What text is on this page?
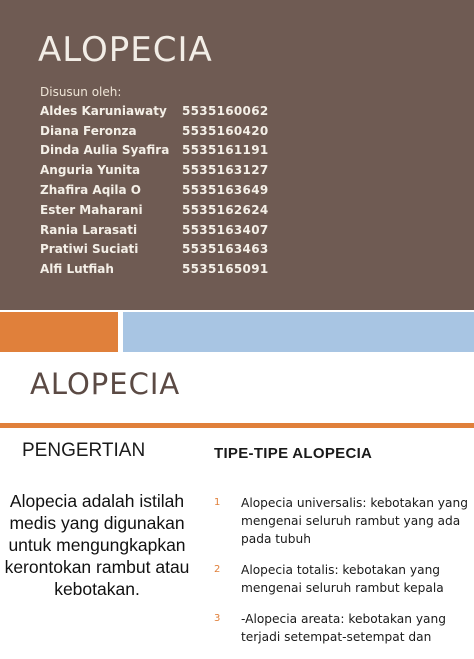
ALOPECIA
Disusun oleh:
Aldes Karuniawaty	5535160062
Diana Feronza	5535160420
Dinda Aulia Syafira	5535161191
Anguria Yunita	5535163127
Zhafira Aqila O	5535163649
Ester Maharani	5535162624
Rania Larasati	5535163407
Pratiwi Suciati	5535163463
Alfi Lutfiah	5535165091
ALOPECIA
PENGERTIAN
Alopecia adalah istilah medis yang digunakan untuk mengungkapkan kerontokan rambut atau kebotakan.
TIPE-TIPE ALOPECIA
1 Alopecia universalis: kebotakan yang mengenai seluruh rambut yang ada pada tubuh
2 Alopecia totalis: kebotakan yang mengenai seluruh rambut kepala
3 -Alopecia areata: kebotakan yang terjadi setempat-setempat dan
